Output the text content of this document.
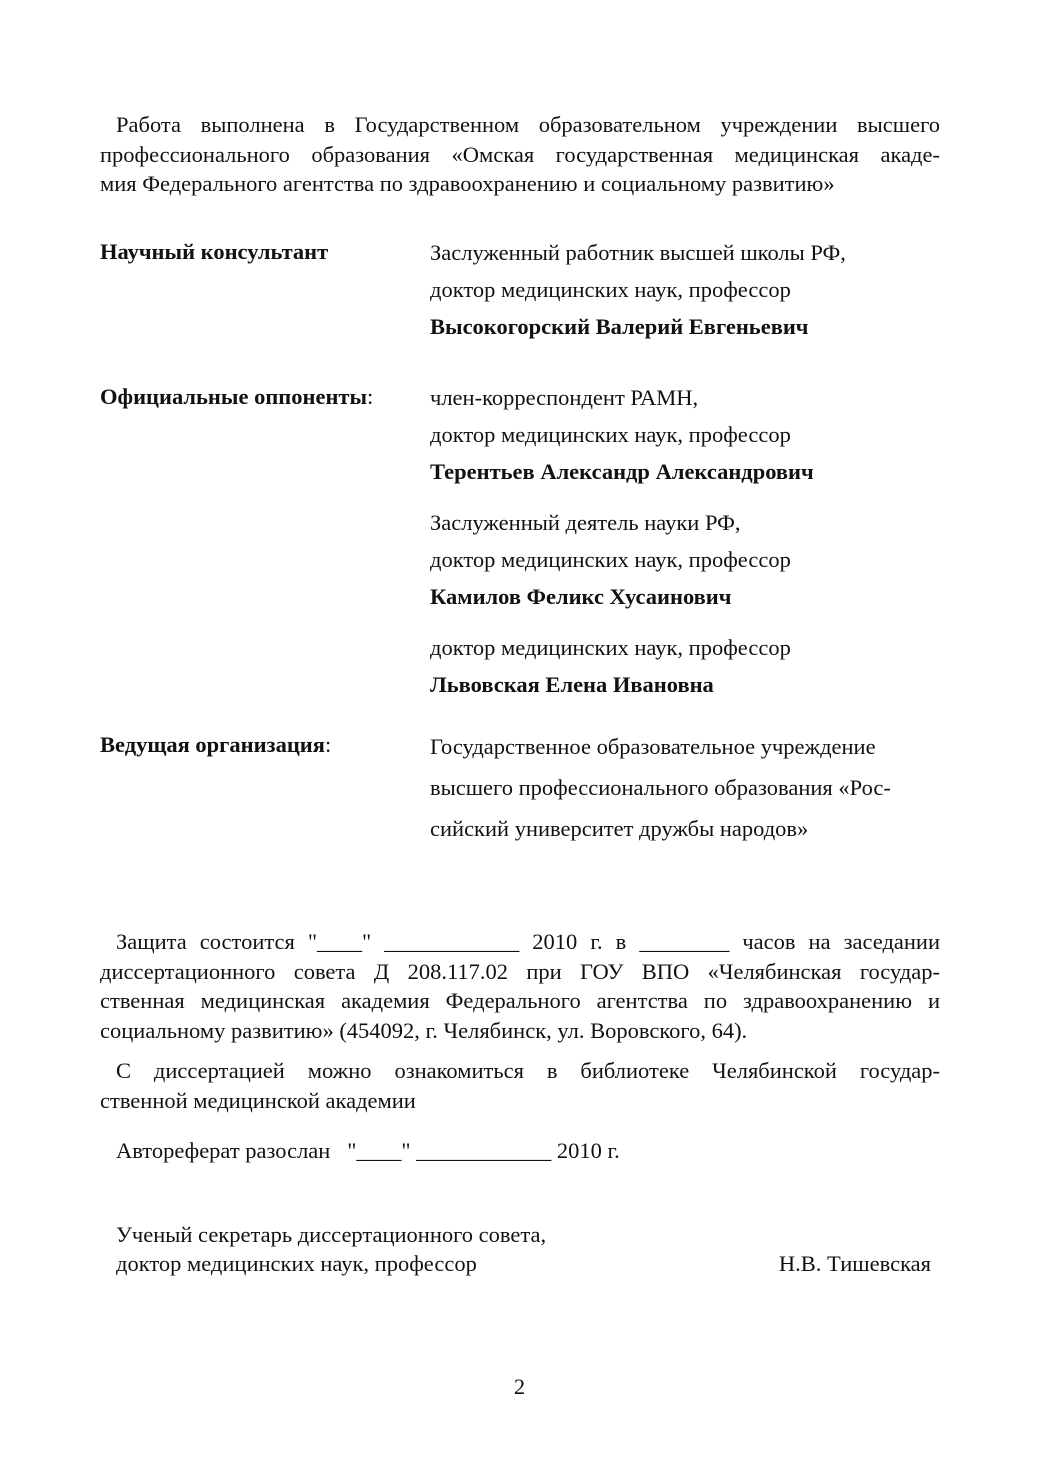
Работа выполнена в Государственном образовательном учреждении высшего
профессионального образования «Омская государственная медицинская акаде-
мия Федерального агентства по здравоохранению и социальному развитию»
Научный консультант	Заслуженный работник высшей школы РФ,
доктор медицинских наук, профессор
Высокогорский Валерий Евгеньевич
Официальные оппоненты:	член-корреспондент РАМН,
доктор медицинских наук, профессор
Терентьев Александр Александрович
Заслуженный деятель науки РФ,
доктор медицинских наук, профессор
Камилов Феликс Хусаинович
доктор медицинских наук, профессор
Львовская Елена Ивановна
Ведущая организация:	Государственное образовательное учреждение
высшего профессионального образования «Рос-
сийский университет дружбы народов»
Защита состоится "____" ____________ 2010 г. в ________ часов на заседании
диссертационного совета Д 208.117.02 при ГОУ ВПО «Челябинская государ-
ственная медицинская академия Федерального агентства по здравоохранению и
социальному развитию» (454092, г. Челябинск, ул. Воровского, 64).
С диссертацией можно ознакомиться в библиотеке Челябинской государ-
ственной медицинской академии
Автореферат разослан   "____" ____________ 2010 г.
Ученый секретарь диссертационного совета,
доктор медицинских наук, профессор	Н.В. Тишевская
2
